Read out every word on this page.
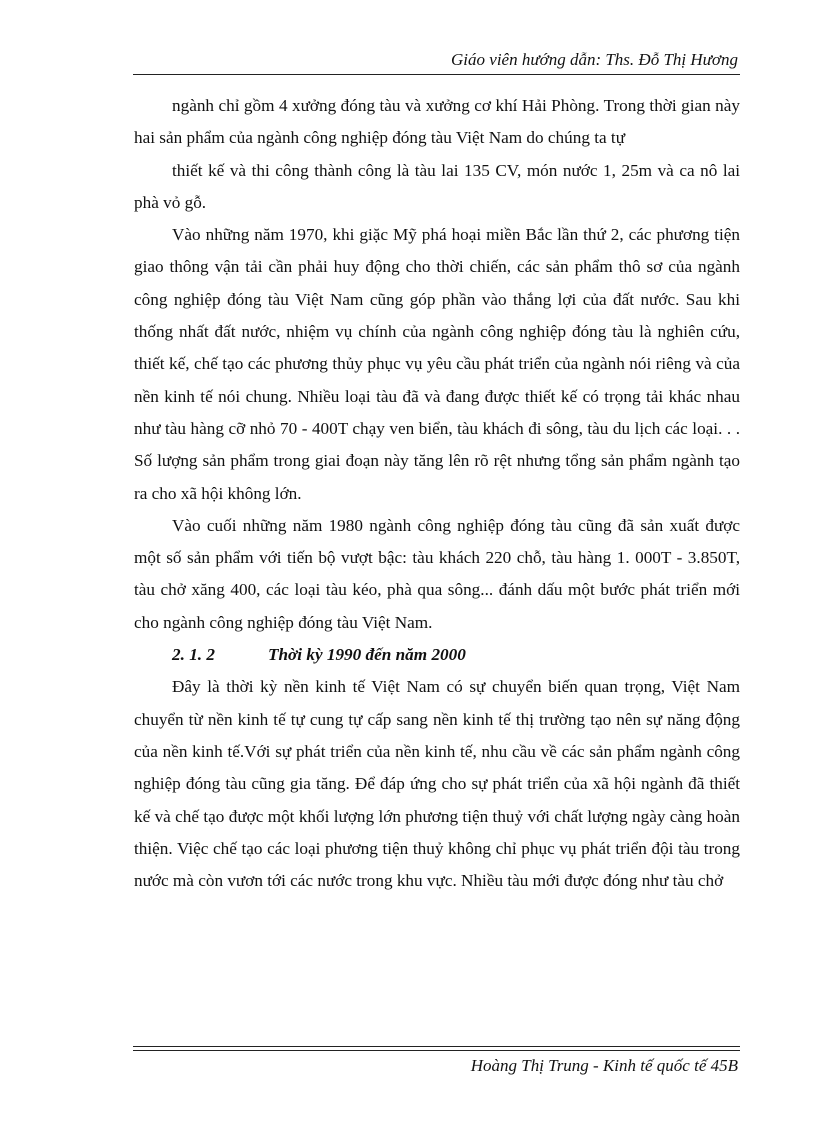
Giáo viên hướng dẫn: Ths. Đỗ Thị Hương

ngành chỉ gồm 4 xưởng đóng tàu và xưởng cơ khí Hải Phòng. Trong thời gian này hai sản phẩm của ngành công nghiệp đóng tàu Việt Nam do chúng ta tự

thiết kế và thi công thành công là tàu lai 135 CV, món nước 1, 25m và ca nô lai phà vỏ gỗ.

Vào những năm 1970, khi giặc Mỹ phá hoại miền Bắc lần thứ 2, các phương tiện giao thông vận tải cần phải huy động cho thời chiến, các sản phẩm thô sơ của ngành công nghiệp đóng tàu Việt Nam cũng góp phần vào thắng lợi của đất nước. Sau khi thống nhất đất nước, nhiệm vụ chính của ngành công nghiệp đóng tàu là nghiên cứu, thiết kế, chế tạo các phương thủy phục vụ yêu cầu phát triển của ngành nói riêng và của nền kinh tế nói chung. Nhiều loại tàu đã và đang được thiết kế có trọng tải khác nhau như tàu hàng cỡ nhỏ 70 - 400T chạy ven biển, tàu khách đi sông, tàu du lịch các loại. . . Số lượng sản phẩm trong giai đoạn này tăng lên rõ rệt nhưng tổng sản phẩm ngành tạo ra cho xã hội không lớn.

Vào cuối những năm 1980 ngành công nghiệp đóng tàu cũng đã sản xuất được một số sản phẩm với tiến bộ vượt bậc: tàu khách 220 chỗ, tàu hàng 1. 000T - 3.850T, tàu chở xăng 400, các loại tàu kéo, phà qua sông... đánh dấu một bước phát triển mới cho ngành công nghiệp đóng tàu Việt Nam.

2. 1. 2	Thời kỳ 1990 đến năm 2000

Đây là thời kỳ nền kinh tế Việt Nam có sự chuyển biến quan trọng, Việt Nam chuyển từ nền kinh tế tự cung tự cấp sang nền kinh tế thị trường tạo nên sự năng động của nền kinh tế.Với sự phát triển của nền kinh tế, nhu cầu về các sản phẩm ngành công nghiệp đóng tàu cũng gia tăng. Để đáp ứng cho sự phát triển của xã hội ngành đã thiết kế và chế tạo được một khối lượng lớn phương tiện thuỷ với chất lượng ngày càng hoàn thiện. Việc chế tạo các loại phương tiện thuỷ không chỉ phục vụ phát triển đội tàu trong nước mà còn vươn tới các nước trong khu vực. Nhiều tàu mới được đóng như tàu chở

Hoàng Thị Trung - Kinh tế quốc tế 45B
